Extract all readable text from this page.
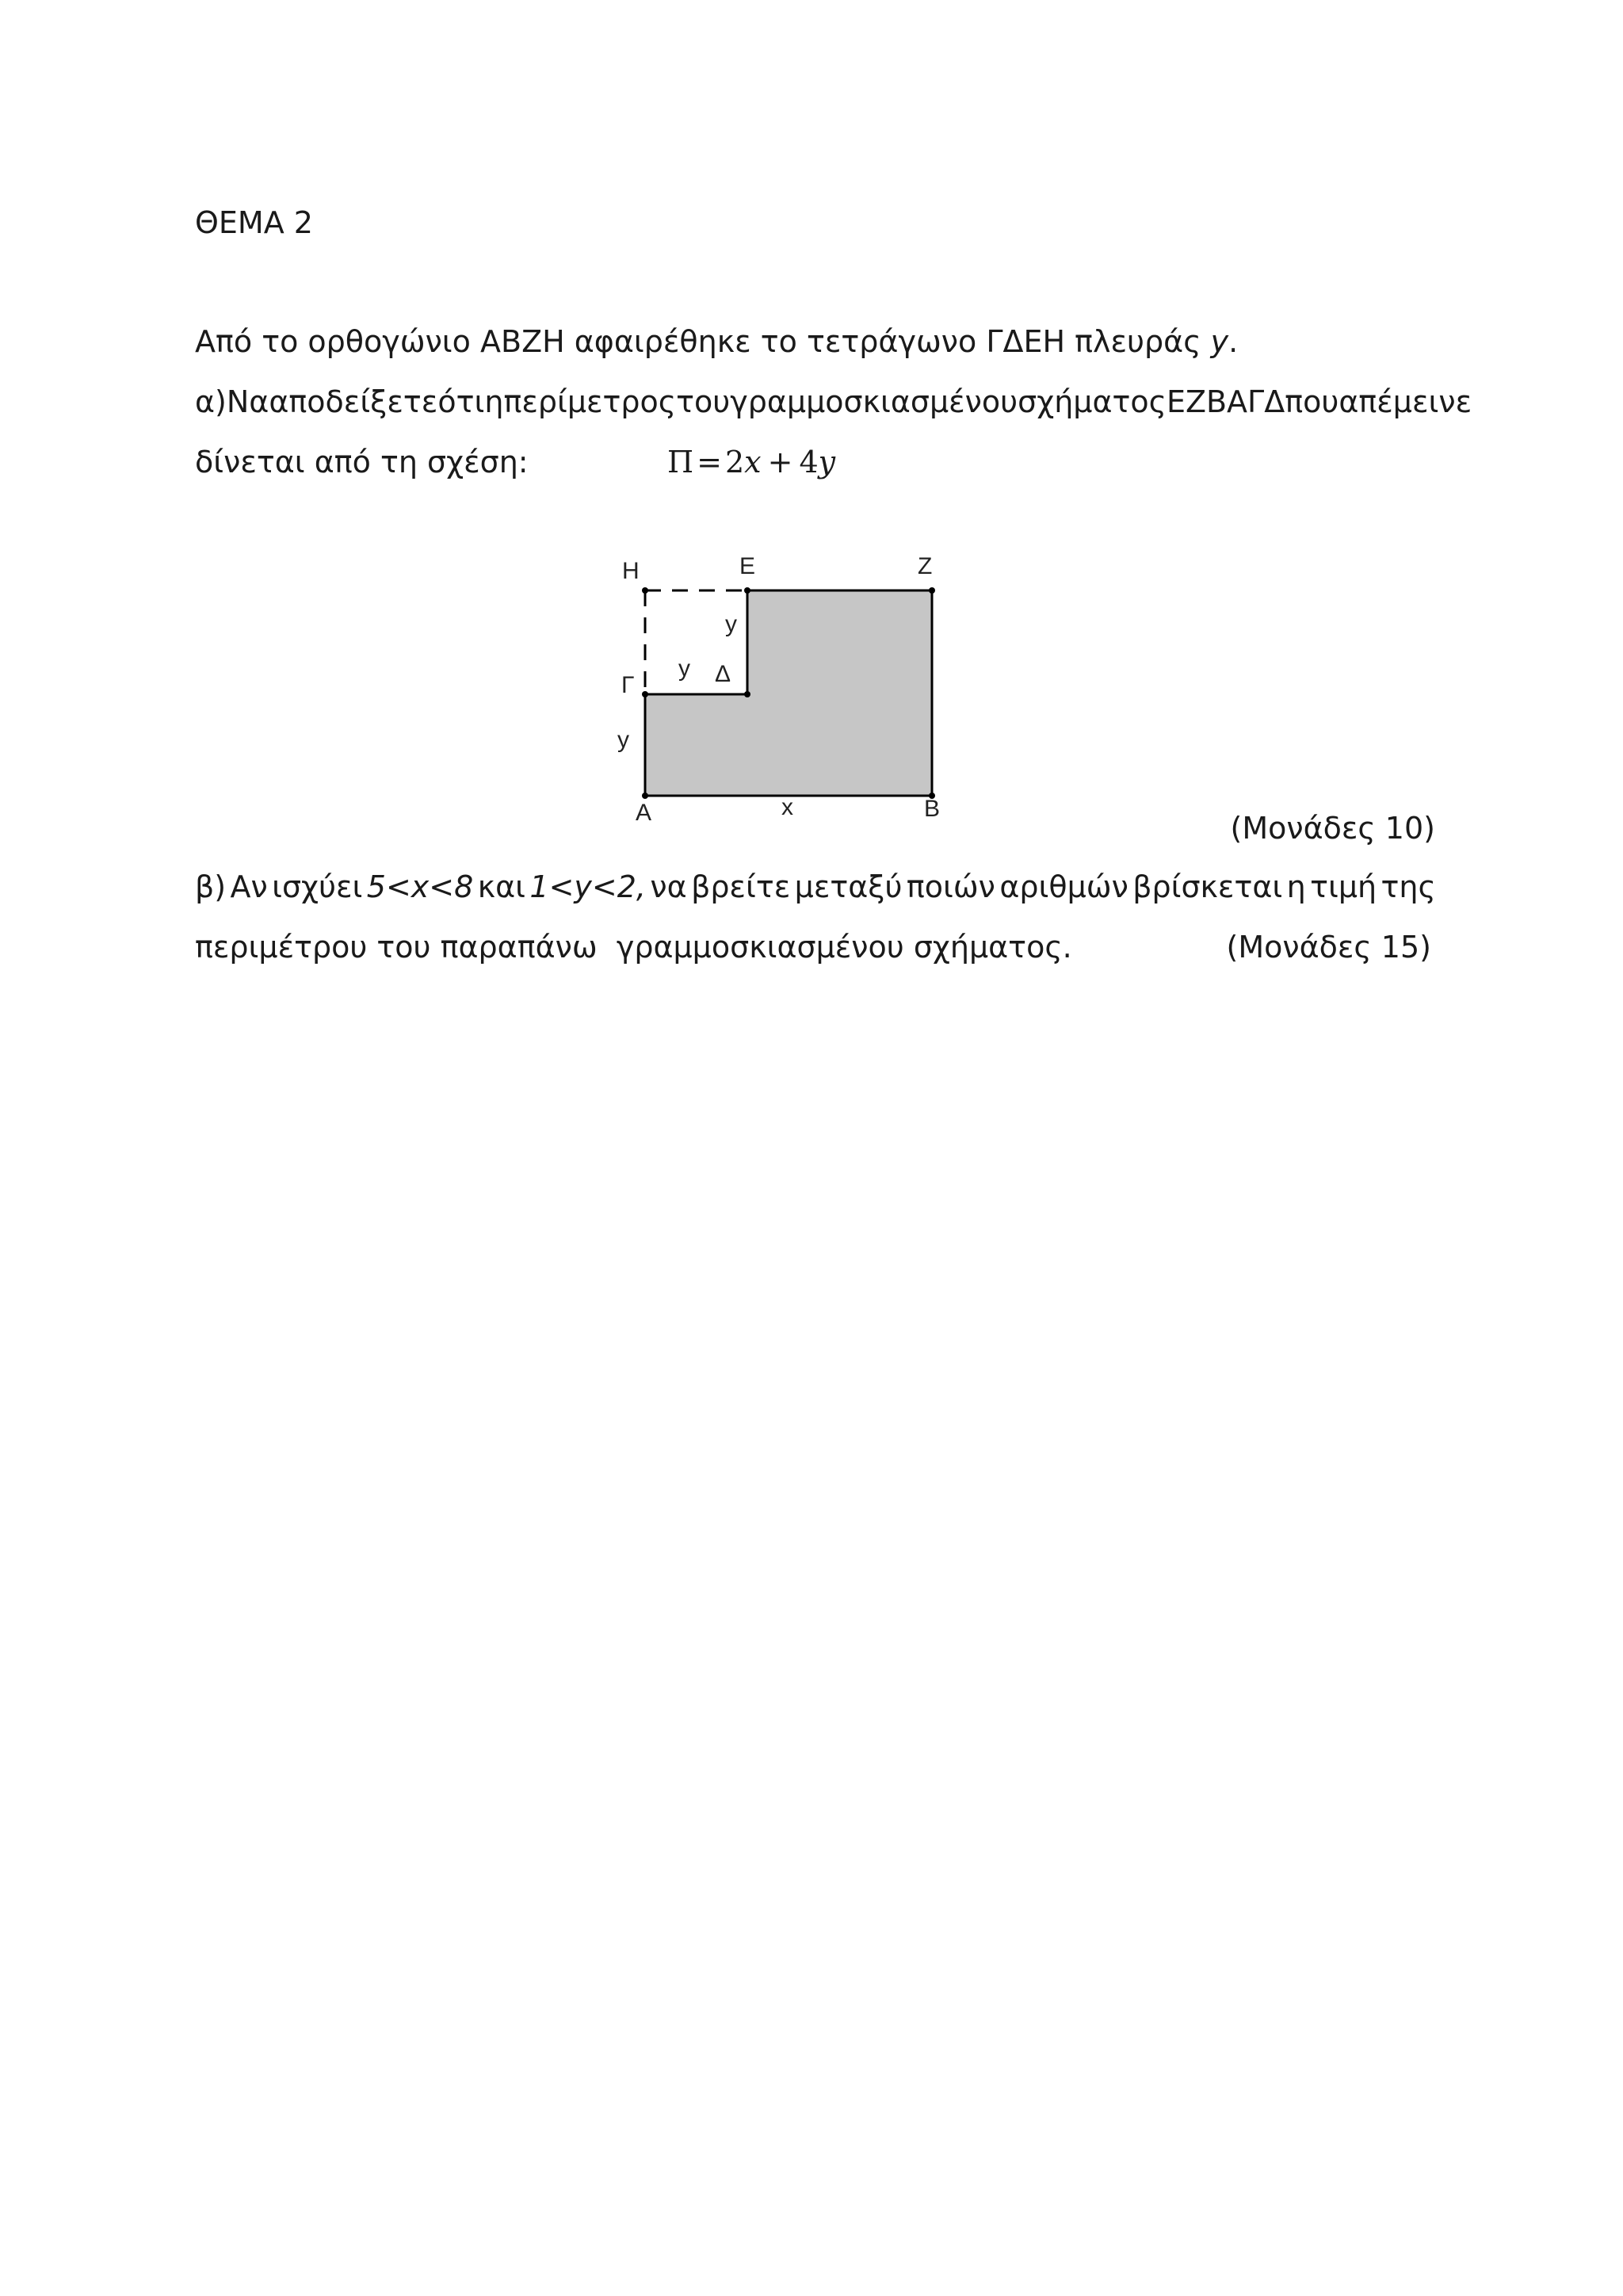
ΘΕΜΑ 2
Από το ορθογώνιο ΑΒΖΗ αφαιρέθηκε το τετράγωνο ΓΔΕΗ πλευράς y.
α) Να αποδείξετε ότι η περίμετρος του γραμμοσκιασμένου σχήματος ΕΖΒΑΓΔ που απέμεινε
δίνεται από τη σχέση:	Π = 2x + 4y
Η	Ε	Ζ
Γ	Δ
Α	Β
y
y
y
x
(Μονάδες 10)
β) Αν ισχύει 5<x<8 και 1<y<2, να βρείτε μεταξύ ποιών αριθμών βρίσκεται η τιμή της
περιμέτρου του παραπάνω  γραμμοσκιασμένου σχήματος.	(Μονάδες 15)
